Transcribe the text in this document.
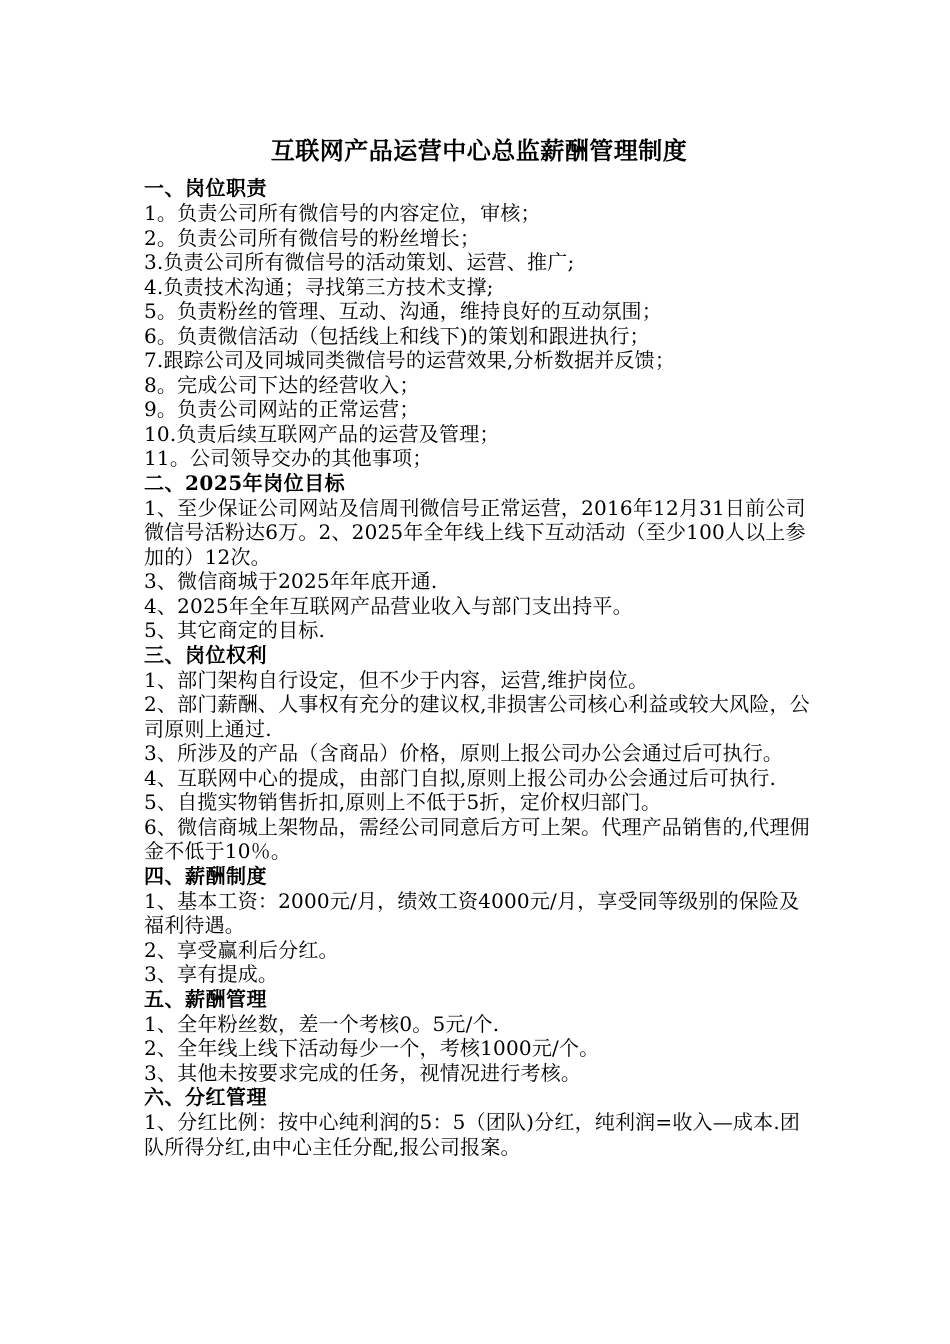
互联网产品运营中心总监薪酬管理制度
一、岗位职责

1。负责公司所有微信号的内容定位，审核；

2。负责公司所有微信号的粉丝增长；

3.负责公司所有微信号的活动策划、运营、推广;

4.负责技术沟通；寻找第三方技术支撑;

5。负责粉丝的管理、互动、沟通，维持良好的互动氛围；

6。负责微信活动（包括线上和线下)的策划和跟进执行；

7.跟踪公司及同城同类微信号的运营效果,分析数据并反馈；

8。完成公司下达的经营收入；

9。负责公司网站的正常运营；

10.负责后续互联网产品的运营及管理；

11。公司领导交办的其他事项；

二、2025年岗位目标

1、至少保证公司网站及信周刊微信号正常运营，2016年12月31日前公司微信号活粉达6万。2、2025年全年线上线下互动活动（至少100人以上参加的）12次。

3、微信商城于2025年年底开通.

4、2025年全年互联网产品营业收入与部门支出持平。

5、其它商定的目标.

三、岗位权利

1、部门架构自行设定，但不少于内容，运营,维护岗位。

2、部门薪酬、人事权有充分的建议权,非损害公司核心利益或较大风险，公司原则上通过.

3、所涉及的产品（含商品）价格，原则上报公司办公会通过后可执行。

4、互联网中心的提成，由部门自拟,原则上报公司办公会通过后可执行.

5、自揽实物销售折扣,原则上不低于5折，定价权归部门。

6、微信商城上架物品，需经公司同意后方可上架。代理产品销售的,代理佣金不低于10％。

四、薪酬制度

1、基本工资：2000元/月，绩效工资4000元/月，享受同等级别的保险及福利待遇。

2、享受赢利后分红。

3、享有提成。

五、薪酬管理

1、全年粉丝数，差一个考核0。5元/个.

2、全年线上线下活动每少一个，考核1000元/个。

3、其他未按要求完成的任务，视情况进行考核。

六、分红管理

1、分红比例：按中心纯利润的5：5（团队)分红，纯利润=收入—成本.团队所得分红,由中心主任分配,报公司报案。
